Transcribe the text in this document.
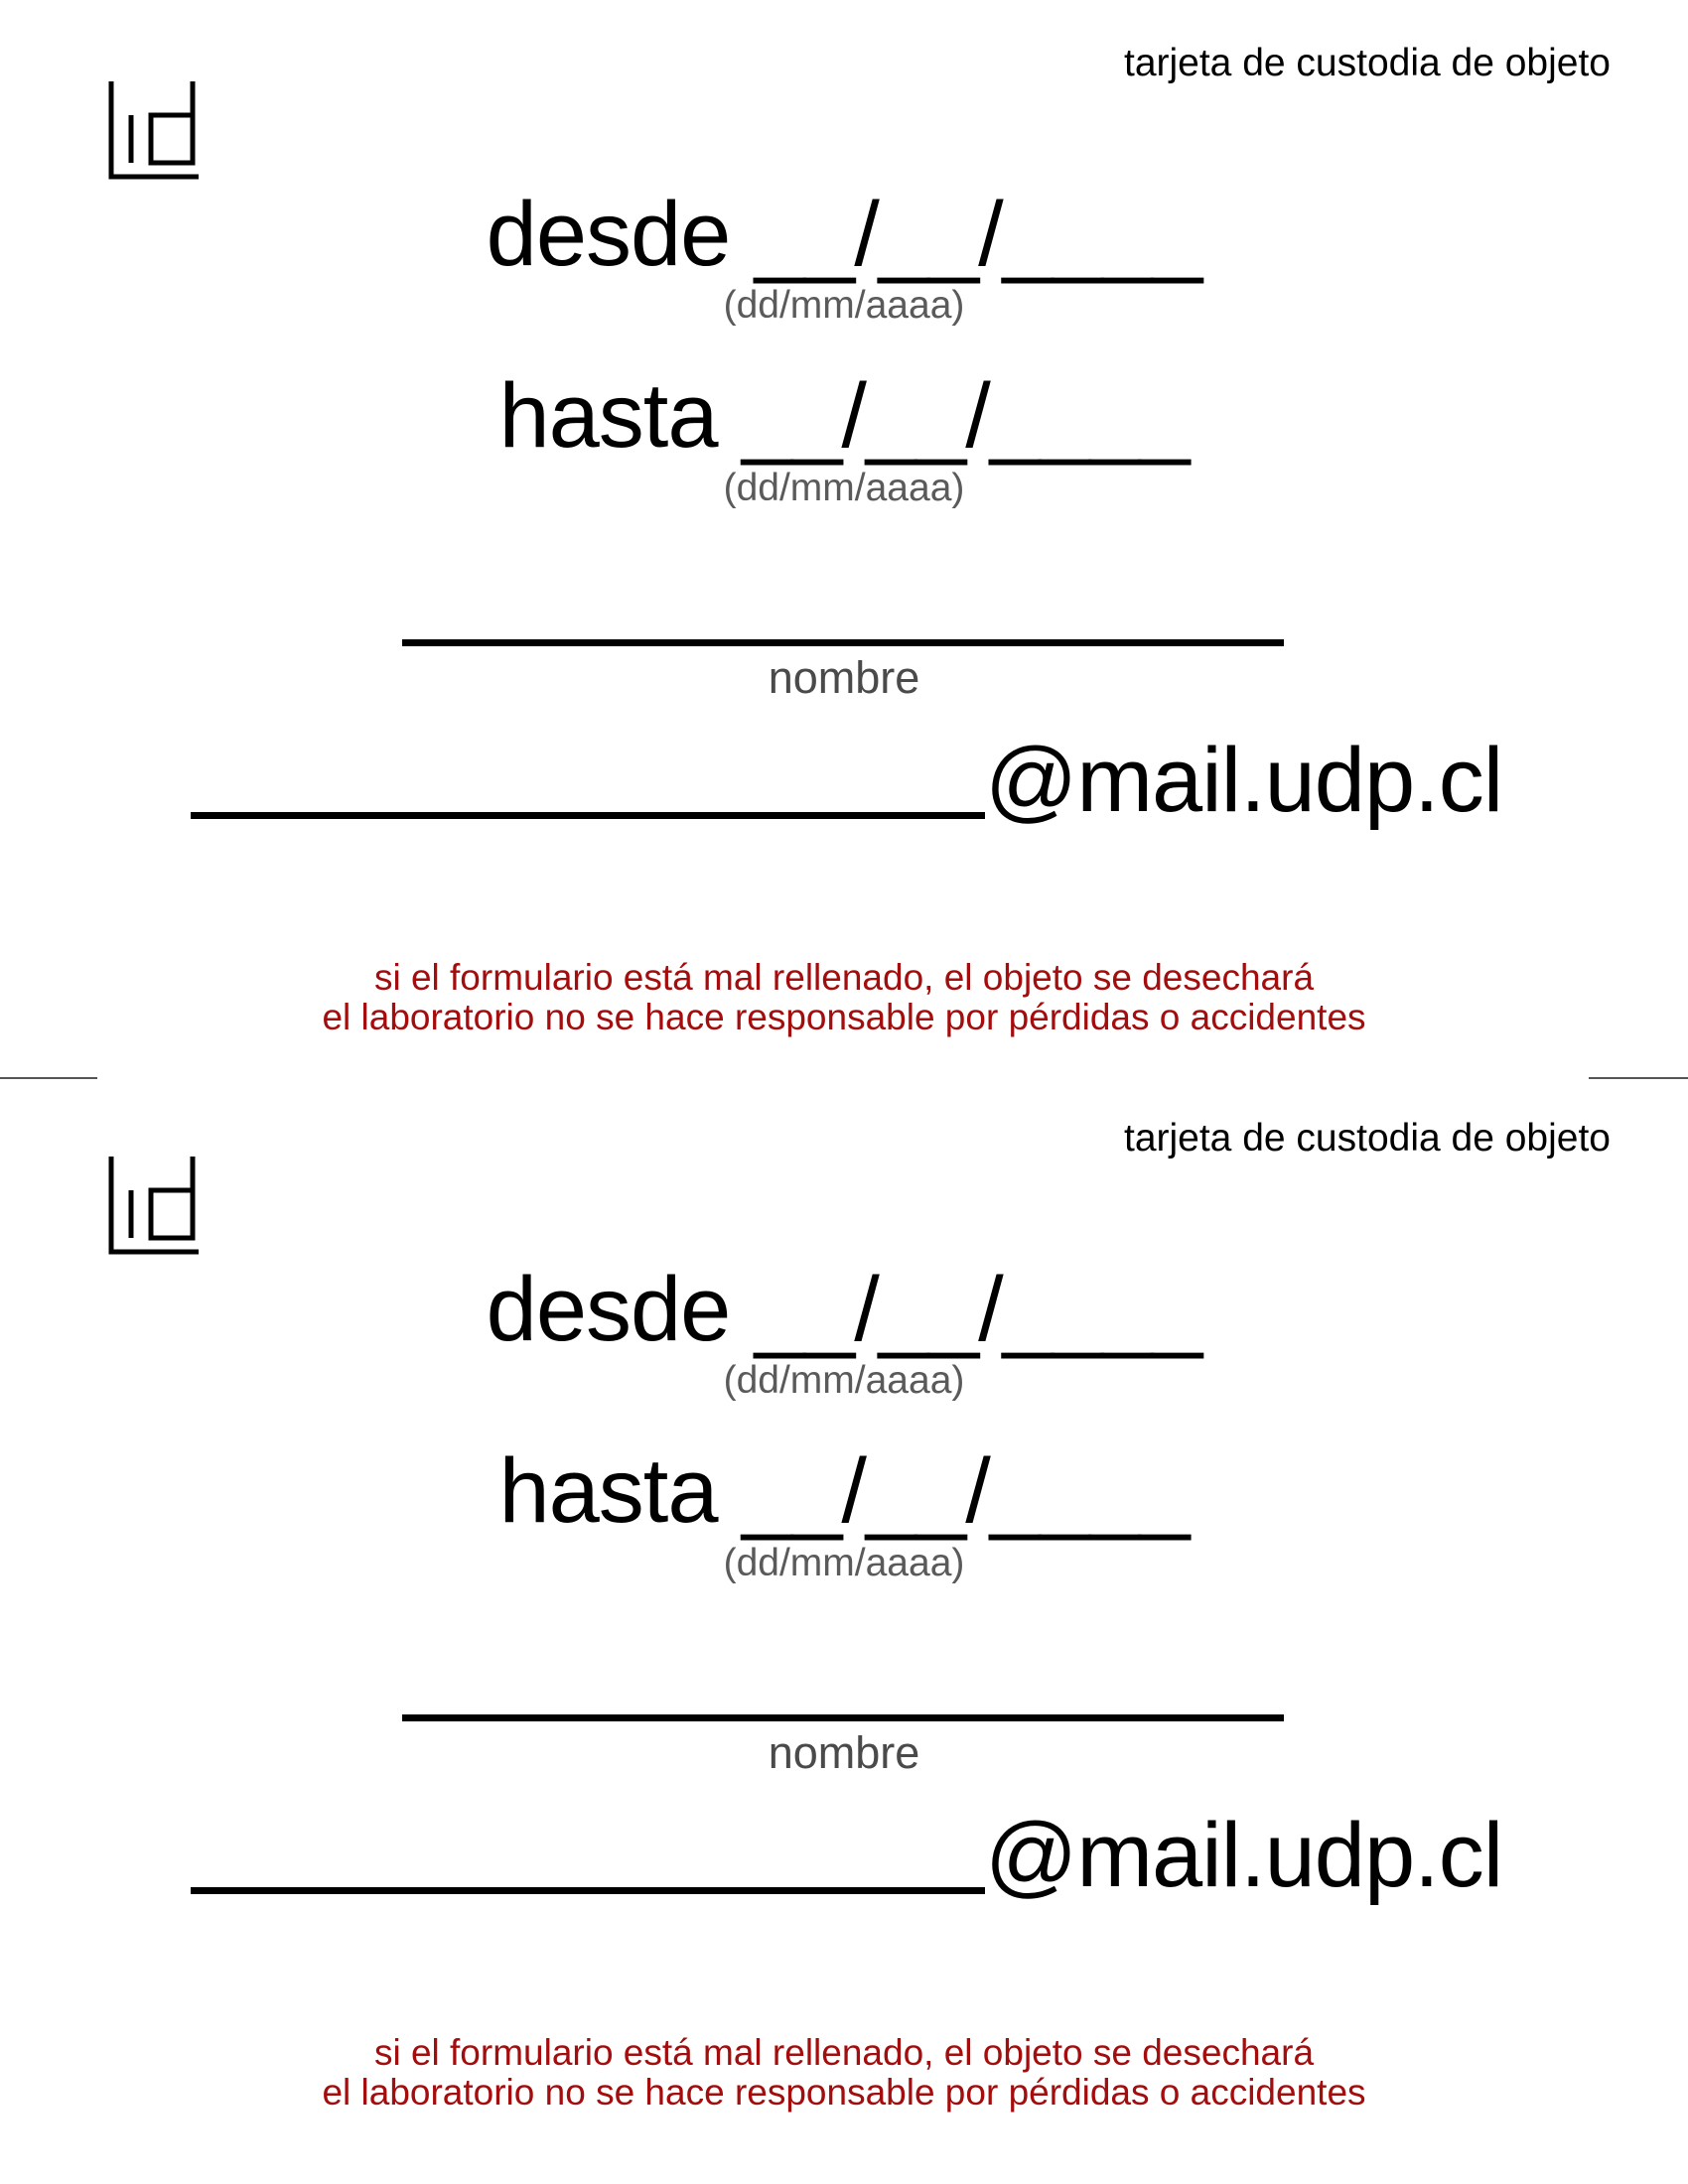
tarjeta de custodia de objeto
desde __/__/____
(dd/mm/aaaa)
hasta __/__/____
(dd/mm/aaaa)
nombre
@mail.udp.cl
si el formulario está mal rellenado, el objeto se desechará
el laboratorio no se hace responsable por pérdidas o accidentes
tarjeta de custodia de objeto
desde __/__/____
(dd/mm/aaaa)
hasta __/__/____
(dd/mm/aaaa)
nombre
@mail.udp.cl
si el formulario está mal rellenado, el objeto se desechará
el laboratorio no se hace responsable por pérdidas o accidentes
